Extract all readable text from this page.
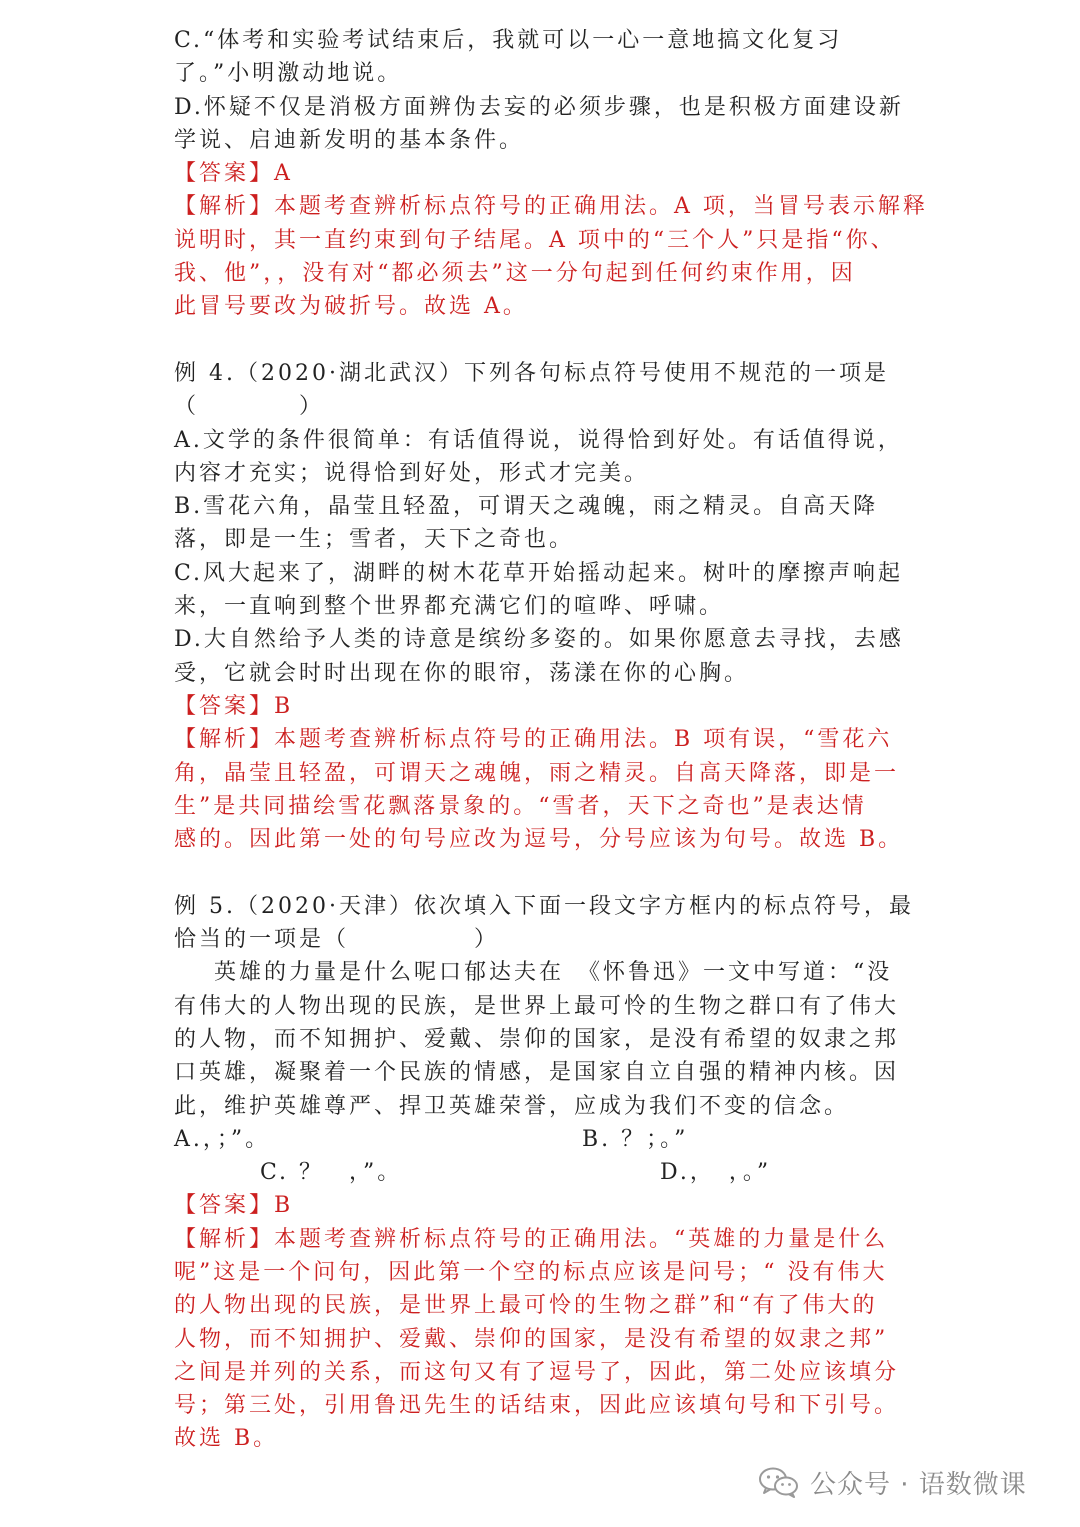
C.“体考和实验考试结束后，我就可以一心一意地搞文化复习
了。”小明激动地说。
D.怀疑不仅是消极方面辨伪去妄的必须步骤，也是积极方面建设新
学说、启迪新发明的基本条件。
【答案】A
【解析】本题考查辨析标点符号的正确用法。A 项，当冒号表示解释
说明时，其一直约束到句子结尾。A 项中的“三个人”只是指“你、
我、他”，，没有对“都必须去”这一分句起到任何约束作用，因
此冒号要改为破折号。故选 A。
例 4.（2020·湖北武汉）下列各句标点符号使用不规范的一项是
（　　　　）
A.文学的条件很简单：有话值得说，说得恰到好处。有话值得说，
内容才充实；说得恰到好处，形式才完美。
B.雪花六角，晶莹且轻盈，可谓天之魂魄，雨之精灵。自高天降
落，即是一生；雪者，天下之奇也。
C.风大起来了，湖畔的树木花草开始摇动起来。树叶的摩擦声响起
来，一直响到整个世界都充满它们的喧哗、呼啸。
D.大自然给予人类的诗意是缤纷多姿的。如果你愿意去寻找，去感
受，它就会时时出现在你的眼帘，荡漾在你的心胸。
【答案】B
【解析】本题考查辨析标点符号的正确用法。B 项有误，“雪花六
角，晶莹且轻盈，可谓天之魂魄，雨之精灵。自高天降落，即是一
生”是共同描绘雪花飘落景象的。“雪者，天下之奇也”是表达情
感的。因此第一处的句号应改为逗号，分号应该为句号。故选 B。
例 5.（2020·天津）依次填入下面一段文字方框内的标点符号，最
恰当的一项是（　　　　　）
英雄的力量是什么呢口郁达夫在　《怀鲁迅》一文中写道：“没
有伟大的人物出现的民族，是世界上最可怜的生物之群口有了伟大
的人物，而不知拥护、爱戴、崇仰的国家，是没有希望的奴隶之邦
口英雄，凝聚着一个民族的情感，是国家自立自强的精神内核。因
此，维护英雄尊严、捍卫英雄荣誉，应成为我们不变的信念。
A.，；”。	B. ？；。”
C. ？　，”。	D.，　，。”
【答案】B
【解析】本题考查辨析标点符号的正确用法。“英雄的力量是什么
呢”这是一个问句，因此第一个空的标点应该是问号；“ 没有伟大
的人物出现的民族，是世界上最可怜的生物之群”和“有了伟大的
人物，而不知拥护、爱戴、崇仰的国家，是没有希望的奴隶之邦”
之间是并列的关系，而这句又有了逗号了，因此，第二处应该填分
号；第三处，引用鲁迅先生的话结束，因此应该填句号和下引号。
故选 B。
公众号 · 语数微课
